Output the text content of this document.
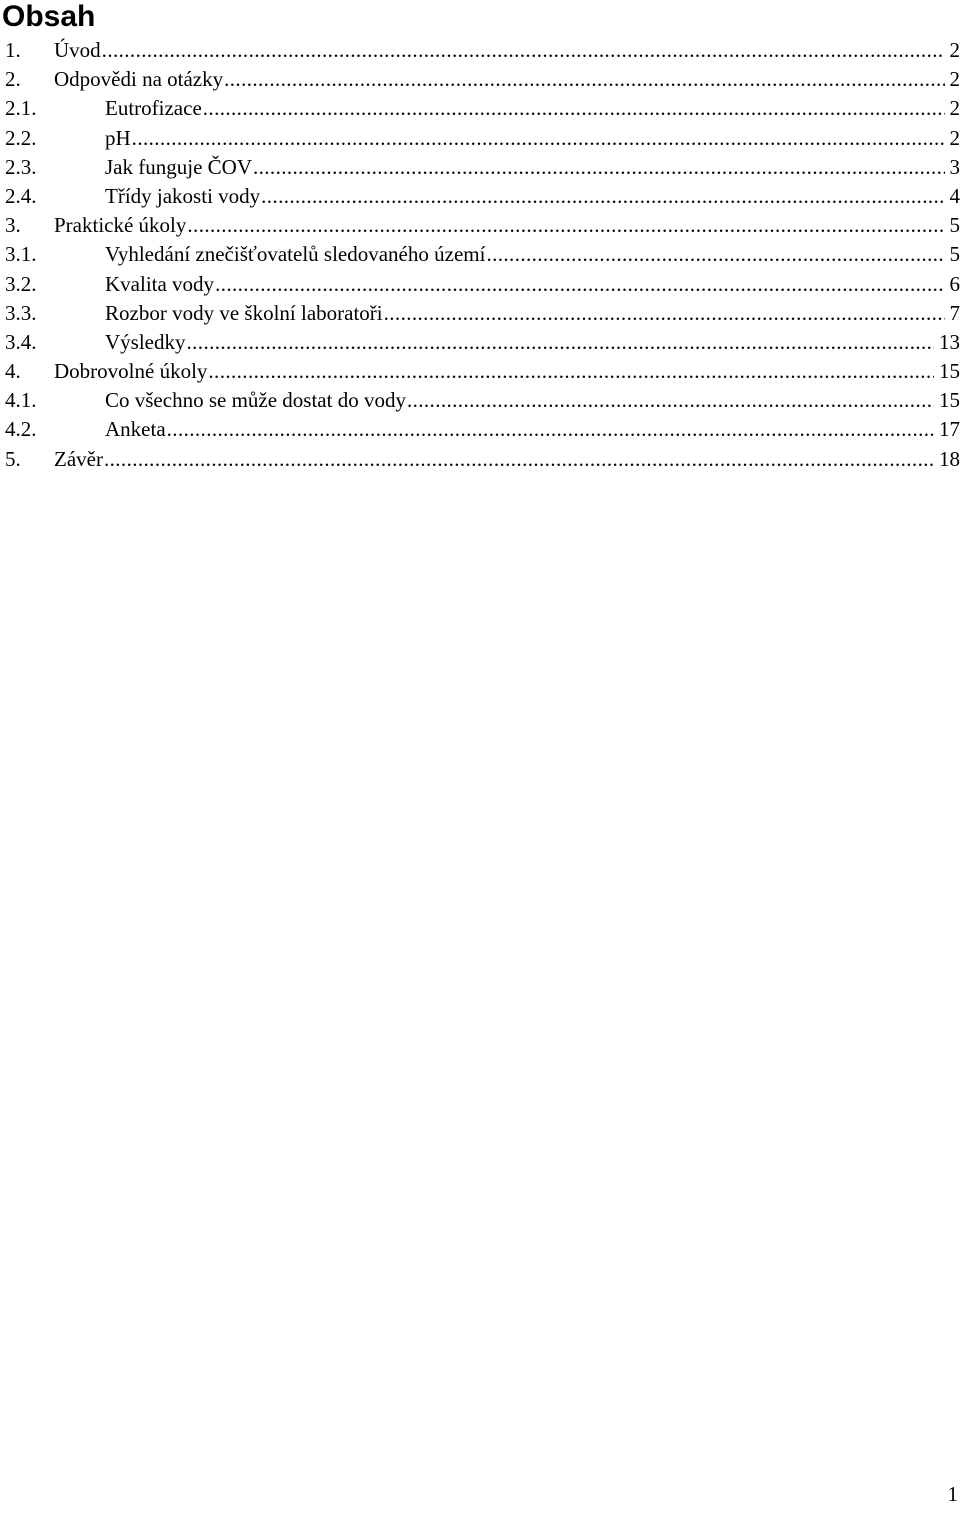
Obsah
1. Úvod .....	2
2. Odpovědi na otázky .....	2
2.1.	Eutrofizace .....	2
2.2.	pH .....	2
2.3.	Jak funguje ČOV .....	3
2.4.	Třídy jakosti vody .....	4
3. Praktické úkoly .....	5
3.1.	Vyhledání znečišťovatelů sledovaného území .....	5
3.2.	Kvalita vody .....	6
3.3.	Rozbor vody ve školní laboratoři .....	7
3.4.	Výsledky .....	13
4. Dobrovolné úkoly .....	15
4.1.	Co všechno se může dostat do vody .....	15
4.2.	Anketa .....	17
5. Závěr .....	18
1
